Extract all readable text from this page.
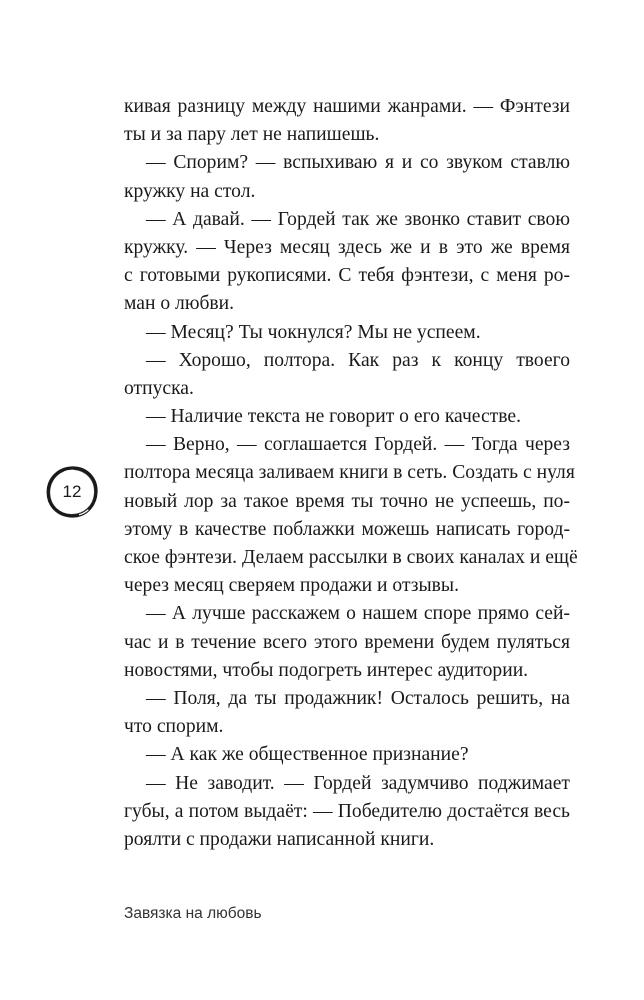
кивая разницу между нашими жанрами. — Фэнтези
ты и за пару лет не напишешь.
— Спорим? — вспыхиваю я и со звуком ставлю
кружку на стол.
— А давай. — Гордей так же звонко ставит свою
кружку. — Через месяц здесь же и в это же время
с готовыми рукописями. С тебя фэнтези, с меня ро-
ман о любви.
— Месяц? Ты чокнулся? Мы не успеем.
— Хорошо, полтора. Как раз к концу твоего
отпуска.
— Наличие текста не говорит о его качестве.
— Верно, — соглашается Гордей. — Тогда через
полтора месяца заливаем книги в сеть. Создать с нуля
новый лор за такое время ты точно не успеешь, по-
этому в качестве поблажки можешь написать город-
ское фэнтези. Делаем рассылки в своих каналах и ещё
через месяц сверяем продажи и отзывы.
— А лучше расскажем о нашем споре прямо сей-
час и в течение всего этого времени будем пуляться
новостями, чтобы подогреть интерес аудитории.
— Поля, да ты продажник! Осталось решить, на
что спорим.
— А как же общественное признание?
— Не заводит. — Гордей задумчиво поджимает
губы, а потом выдаёт: — Победителю достаётся весь
роялти с продажи написанной книги.
12
Завязка на любовь
